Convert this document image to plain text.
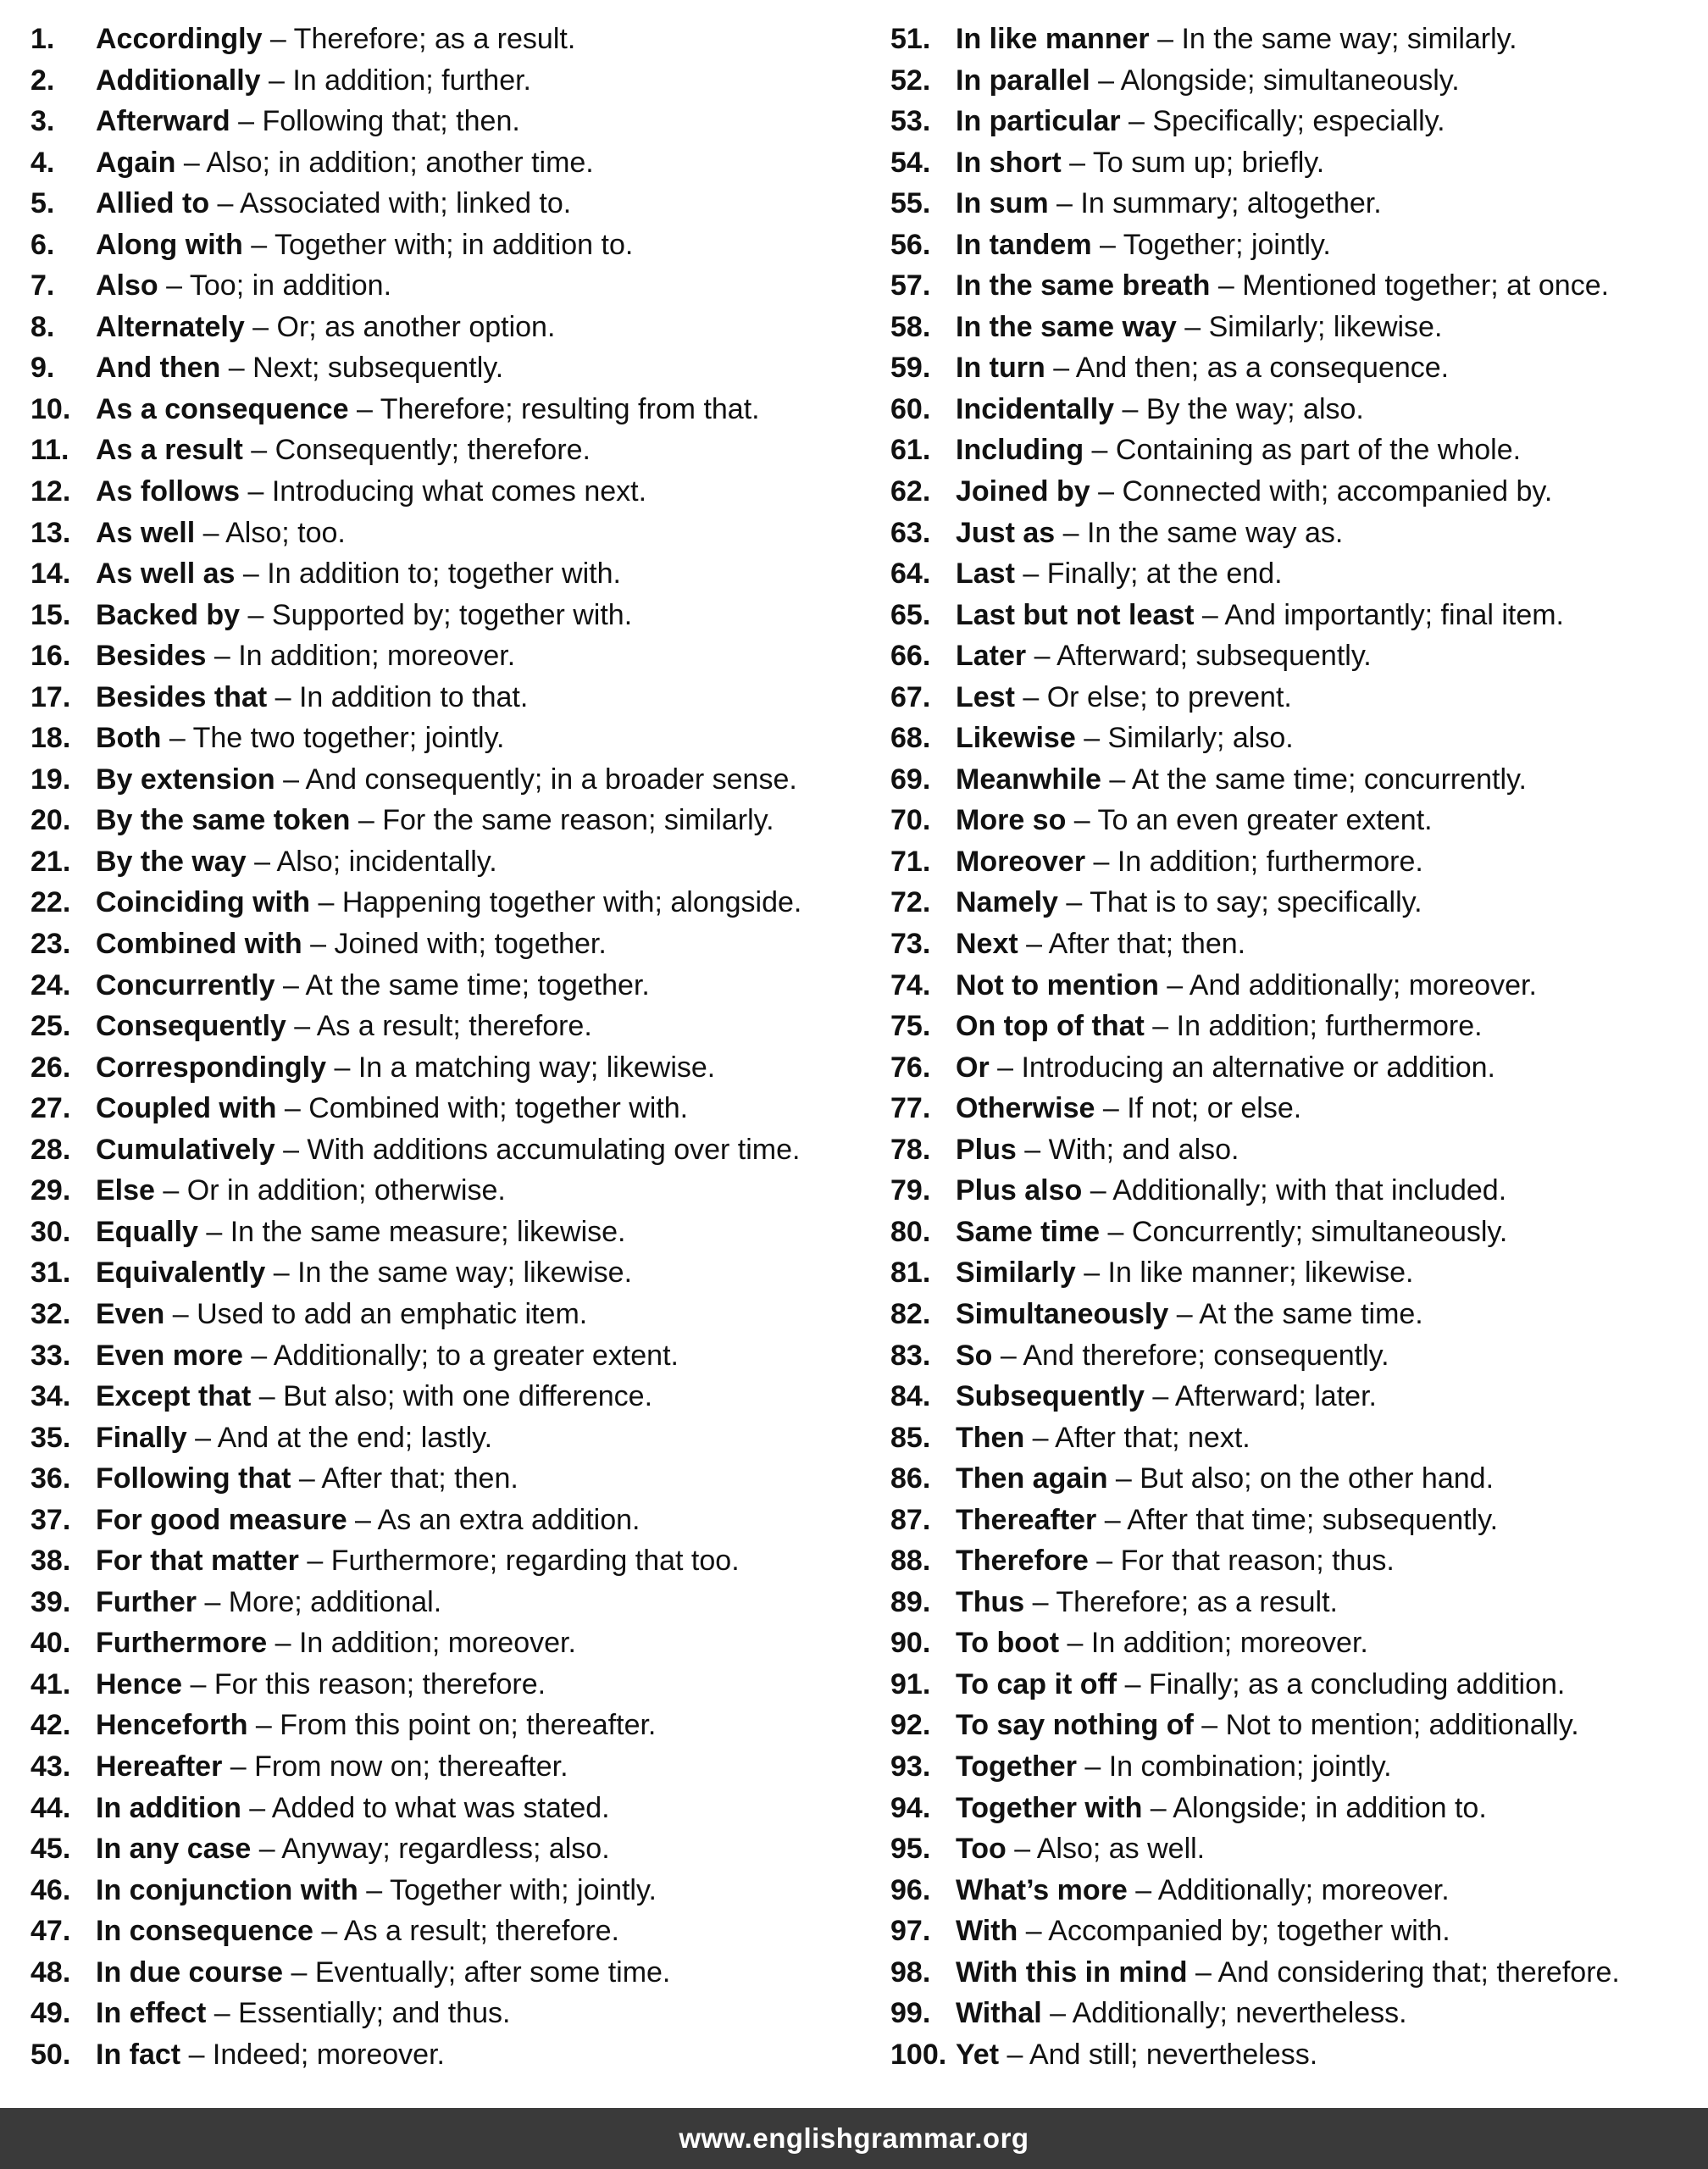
1. Accordingly – Therefore; as a result.
2. Additionally – In addition; further.
3. Afterward – Following that; then.
4. Again – Also; in addition; another time.
5. Allied to – Associated with; linked to.
6. Along with – Together with; in addition to.
7. Also – Too; in addition.
8. Alternately – Or; as another option.
9. And then – Next; subsequently.
10. As a consequence – Therefore; resulting from that.
11. As a result – Consequently; therefore.
12. As follows – Introducing what comes next.
13. As well – Also; too.
14. As well as – In addition to; together with.
15. Backed by – Supported by; together with.
16. Besides – In addition; moreover.
17. Besides that – In addition to that.
18. Both – The two together; jointly.
19. By extension – And consequently; in a broader sense.
20. By the same token – For the same reason; similarly.
21. By the way – Also; incidentally.
22. Coinciding with – Happening together with; alongside.
23. Combined with – Joined with; together.
24. Concurrently – At the same time; together.
25. Consequently – As a result; therefore.
26. Correspondingly – In a matching way; likewise.
27. Coupled with – Combined with; together with.
28. Cumulatively – With additions accumulating over time.
29. Else – Or in addition; otherwise.
30. Equally – In the same measure; likewise.
31. Equivalently – In the same way; likewise.
32. Even – Used to add an emphatic item.
33. Even more – Additionally; to a greater extent.
34. Except that – But also; with one difference.
35. Finally – And at the end; lastly.
36. Following that – After that; then.
37. For good measure – As an extra addition.
38. For that matter – Furthermore; regarding that too.
39. Further – More; additional.
40. Furthermore – In addition; moreover.
41. Hence – For this reason; therefore.
42. Henceforth – From this point on; thereafter.
43. Hereafter – From now on; thereafter.
44. In addition – Added to what was stated.
45. In any case – Anyway; regardless; also.
46. In conjunction with – Together with; jointly.
47. In consequence – As a result; therefore.
48. In due course – Eventually; after some time.
49. In effect – Essentially; and thus.
50. In fact – Indeed; moreover.
51. In like manner – In the same way; similarly.
52. In parallel – Alongside; simultaneously.
53. In particular – Specifically; especially.
54. In short – To sum up; briefly.
55. In sum – In summary; altogether.
56. In tandem – Together; jointly.
57. In the same breath – Mentioned together; at once.
58. In the same way – Similarly; likewise.
59. In turn – And then; as a consequence.
60. Incidentally – By the way; also.
61. Including – Containing as part of the whole.
62. Joined by – Connected with; accompanied by.
63. Just as – In the same way as.
64. Last – Finally; at the end.
65. Last but not least – And importantly; final item.
66. Later – Afterward; subsequently.
67. Lest – Or else; to prevent.
68. Likewise – Similarly; also.
69. Meanwhile – At the same time; concurrently.
70. More so – To an even greater extent.
71. Moreover – In addition; furthermore.
72. Namely – That is to say; specifically.
73. Next – After that; then.
74. Not to mention – And additionally; moreover.
75. On top of that – In addition; furthermore.
76. Or – Introducing an alternative or addition.
77. Otherwise – If not; or else.
78. Plus – With; and also.
79. Plus also – Additionally; with that included.
80. Same time – Concurrently; simultaneously.
81. Similarly – In like manner; likewise.
82. Simultaneously – At the same time.
83. So – And therefore; consequently.
84. Subsequently – Afterward; later.
85. Then – After that; next.
86. Then again – But also; on the other hand.
87. Thereafter – After that time; subsequently.
88. Therefore – For that reason; thus.
89. Thus – Therefore; as a result.
90. To boot – In addition; moreover.
91. To cap it off – Finally; as a concluding addition.
92. To say nothing of – Not to mention; additionally.
93. Together – In combination; jointly.
94. Together with – Alongside; in addition to.
95. Too – Also; as well.
96. What’s more – Additionally; moreover.
97. With – Accompanied by; together with.
98. With this in mind – And considering that; therefore.
99. Withal – Additionally; nevertheless.
100. Yet – And still; nevertheless.
www.englishgrammar.org
